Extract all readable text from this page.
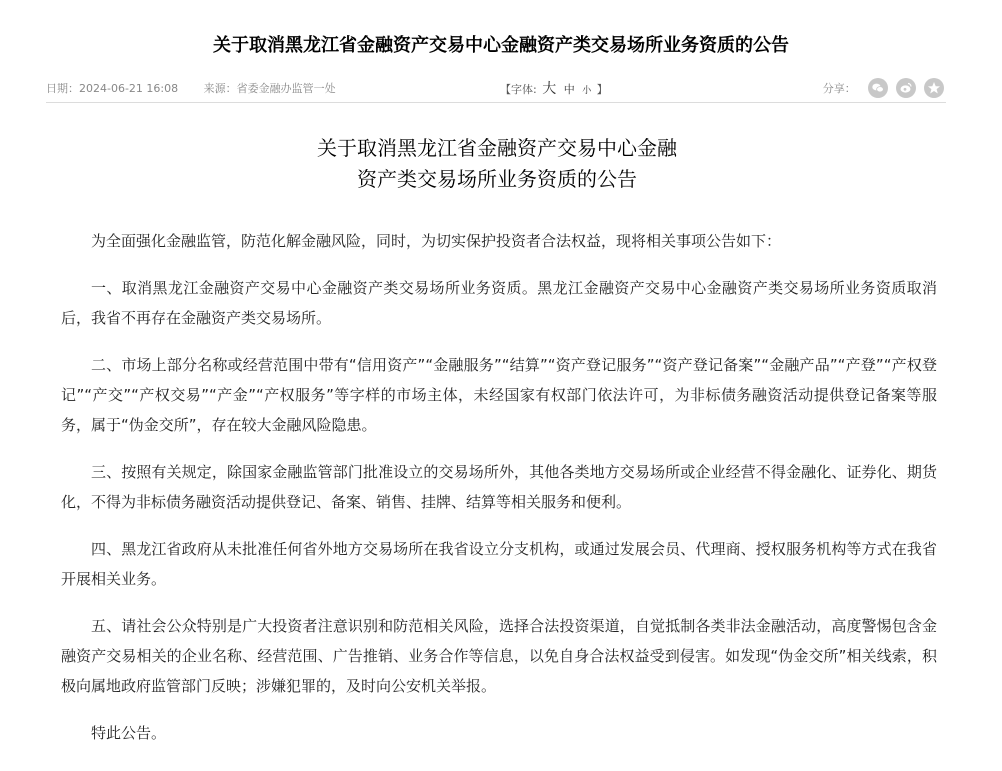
关于取消黑龙江省金融资产交易中心金融资产类交易场所业务资质的公告
日期：2024-06-21 16:08 来源：省委金融办监管一处	【字体: 大 中 小 】	$^{分享:}$

关于取消黑龙江省金融资产交易中心金融
资产类交易场所业务资质的公告

为全面强化金融监管，防范化解金融风险，同时，为切实保护投资者合法权益，现将相关事项公告如下：

一、取消黑龙江金融资产交易中心金融资产类交易场所业务资质。黑龙江金融资产交易中心金融资产类交易场所业务资质取消后，我省不再存在金融资产类交易场所。

二、市场上部分名称或经营范围中带有“信用资产”“金融服务”“结算”“资产登记服务”“资产登记备案”“金融产品”“产登”“产权登记”“产交”“产权交易”“产金”“产权服务”等字样的市场主体，未经国家有权部门依法许可，为非标债务融资活动提供登记备案等服务，属于“伪金交所”，存在较大金融风险隐患。

三、按照有关规定，除国家金融监管部门批准设立的交易场所外，其他各类地方交易场所或企业经营不得金融化、证券化、期货化，不得为非标债务融资活动提供登记、备案、销售、挂牌、结算等相关服务和便利。

四、黑龙江省政府从未批准任何省外地方交易场所在我省设立分支机构，或通过发展会员、代理商、授权服务机构等方式在我省开展相关业务。

五、请社会公众特别是广大投资者注意识别和防范相关风险，选择合法投资渠道，自觉抵制各类非法金融活动，高度警惕包含金融资产交易相关的企业名称、经营范围、广告推销、业务合作等信息，以免自身合法权益受到侵害。如发现“伪金交所”相关线索，积极向属地政府监管部门反映；涉嫌犯罪的，及时向公安机关举报。

特此公告。
